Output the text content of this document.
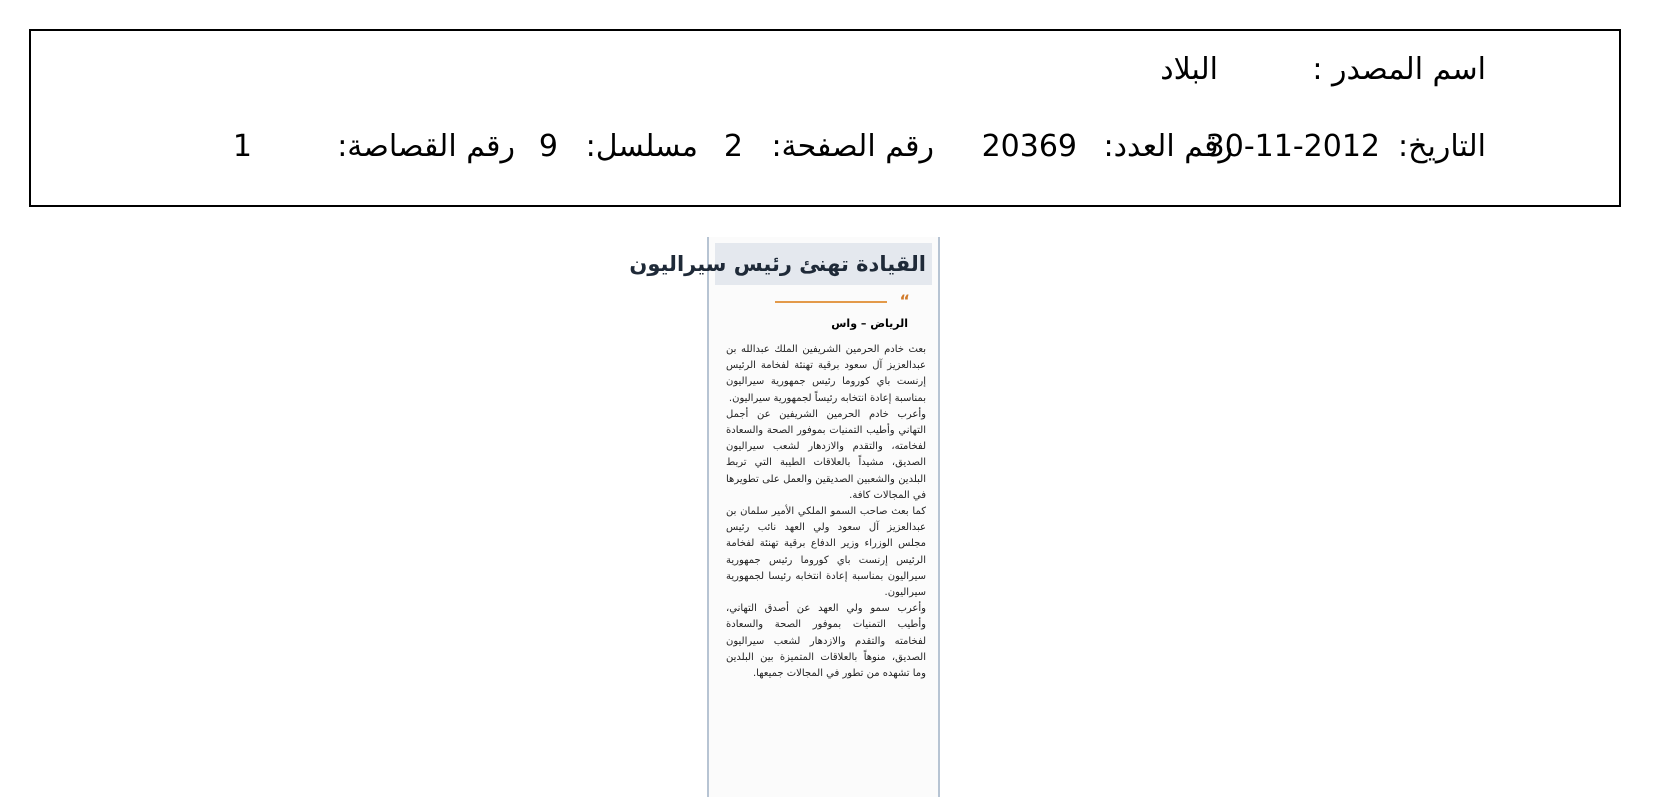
اسم المصدر :
البلاد
التاريخ:
30-11-2012
رقم العدد:
20369
رقم الصفحة:
2
مسلسل:
9
رقم القصاصة:
1
القيادة تهنئ رئيس سيراليون
“
الرياض – واس

بعث خادم الحرمين الشريفين الملك عبدالله بن عبدالعزيز آل سعود برقية تهنئة لفخامة الرئيس إرنست باي كوروما رئيس جمهورية سيراليون بمناسبة إعادة انتخابه رئيساً لجمهورية سيراليون.

وأعرب خادم الحرمين الشريفين عن أجمل التهاني وأطيب التمنيات بموفور الصحة والسعادة لفخامته، والتقدم والازدهار لشعب سيراليون الصديق، مشيداً بالعلاقات الطيبة التي تربط البلدين والشعبين الصديقين والعمل على تطويرها في المجالات كافة.

كما بعث صاحب السمو الملكي الأمير سلمان بن عبدالعزيز آل سعود ولي العهد نائب رئيس مجلس الوزراء وزير الدفاع برقية تهنئة لفخامة الرئيس إرنست باي كوروما رئيس جمهورية سيراليون بمناسبة إعادة انتخابه رئيسا لجمهورية سيراليون.

وأعرب سمو ولي العهد عن أصدق التهاني، وأطيب التمنيات بموفور الصحة والسعادة لفخامته والتقدم والازدهار لشعب سيراليون الصديق، منوهاً بالعلاقات المتميزة بين البلدين وما تشهده من تطور في المجالات جميعها.
